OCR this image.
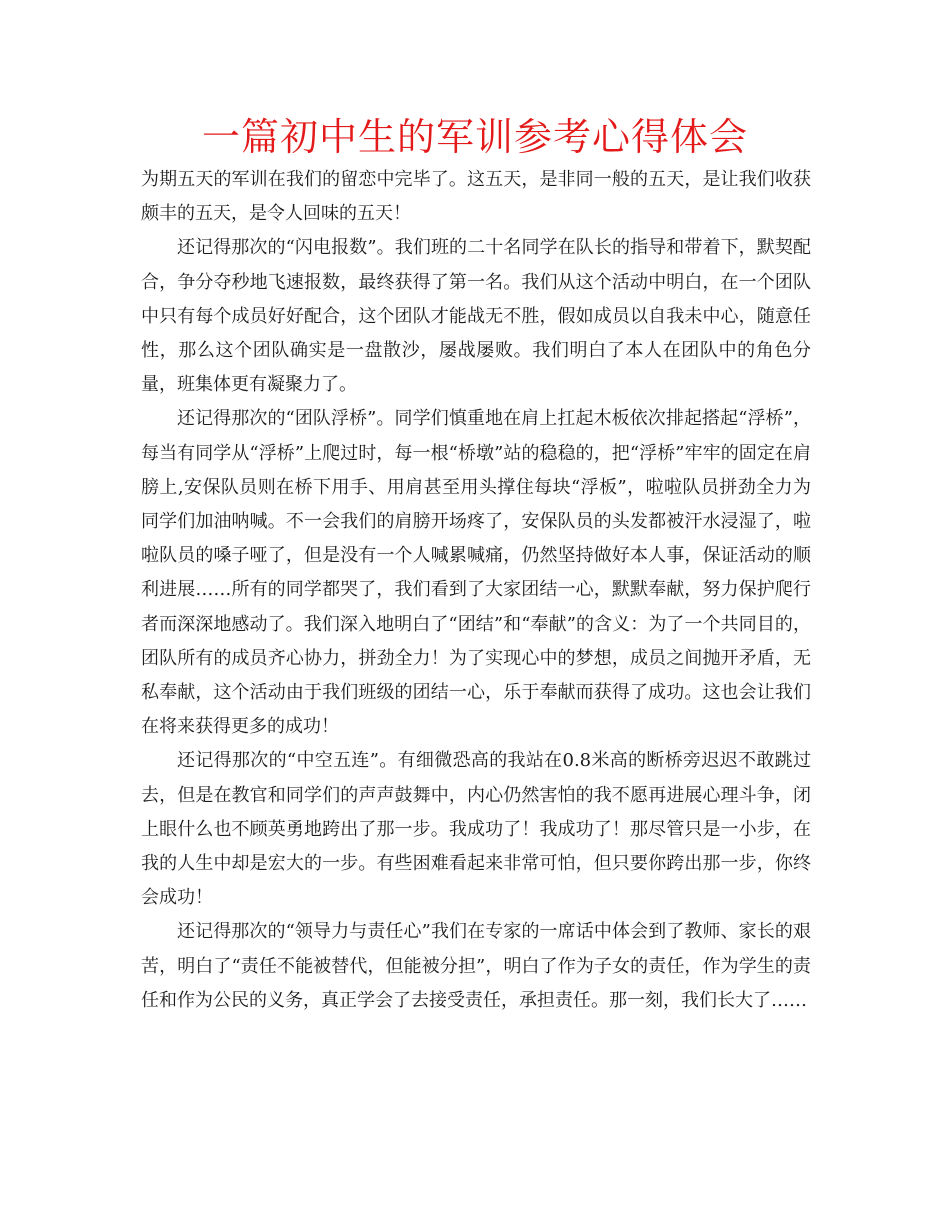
一篇初中生的军训参考心得体会

为期五天的军训在我们的留恋中完毕了。这五天，是非同一般的五天，是让我们收获颇丰的五天，是令人回味的五天！

还记得那次的“闪电报数”。我们班的二十名同学在队长的指导和带着下，默契配合，争分夺秒地飞速报数，最终获得了第一名。我们从这个活动中明白，在一个团队中只有每个成员好好配合，这个团队才能战无不胜，假如成员以自我未中心，随意任性，那么这个团队确实是一盘散沙，屡战屡败。我们明白了本人在团队中的角色分量，班集体更有凝聚力了。

还记得那次的“团队浮桥”。同学们慎重地在肩上扛起木板依次排起搭起“浮桥”，每当有同学从“浮桥”上爬过时，每一根“桥墩”站的稳稳的，把“浮桥”牢牢的固定在肩膀上,安保队员则在桥下用手、用肩甚至用头撑住每块“浮板”，啦啦队员拼劲全力为同学们加油呐喊。不一会我们的肩膀开场疼了，安保队员的头发都被汗水浸湿了，啦啦队员的嗓子哑了，但是没有一个人喊累喊痛，仍然坚持做好本人事，保证活动的顺利进展……所有的同学都哭了，我们看到了大家团结一心，默默奉献，努力保护爬行者而深深地感动了。我们深入地明白了“团结”和“奉献”的含义：为了一个共同目的，团队所有的成员齐心协力，拼劲全力！为了实现心中的梦想，成员之间抛开矛盾，无私奉献，这个活动由于我们班级的团结一心，乐于奉献而获得了成功。这也会让我们在将来获得更多的成功！

还记得那次的“中空五连”。有细微恐高的我站在0.8米高的断桥旁迟迟不敢跳过去，但是在教官和同学们的声声鼓舞中，内心仍然害怕的我不愿再进展心理斗争，闭上眼什么也不顾英勇地跨出了那一步。我成功了！我成功了！那尽管只是一小步，在我的人生中却是宏大的一步。有些困难看起来非常可怕，但只要你跨出那一步，你终会成功！

还记得那次的“领导力与责任心”我们在专家的一席话中体会到了教师、家长的艰苦，明白了“责任不能被替代，但能被分担”，明白了作为子女的责任，作为学生的责任和作为公民的义务，真正学会了去接受责任，承担责任。那一刻，我们长大了……
